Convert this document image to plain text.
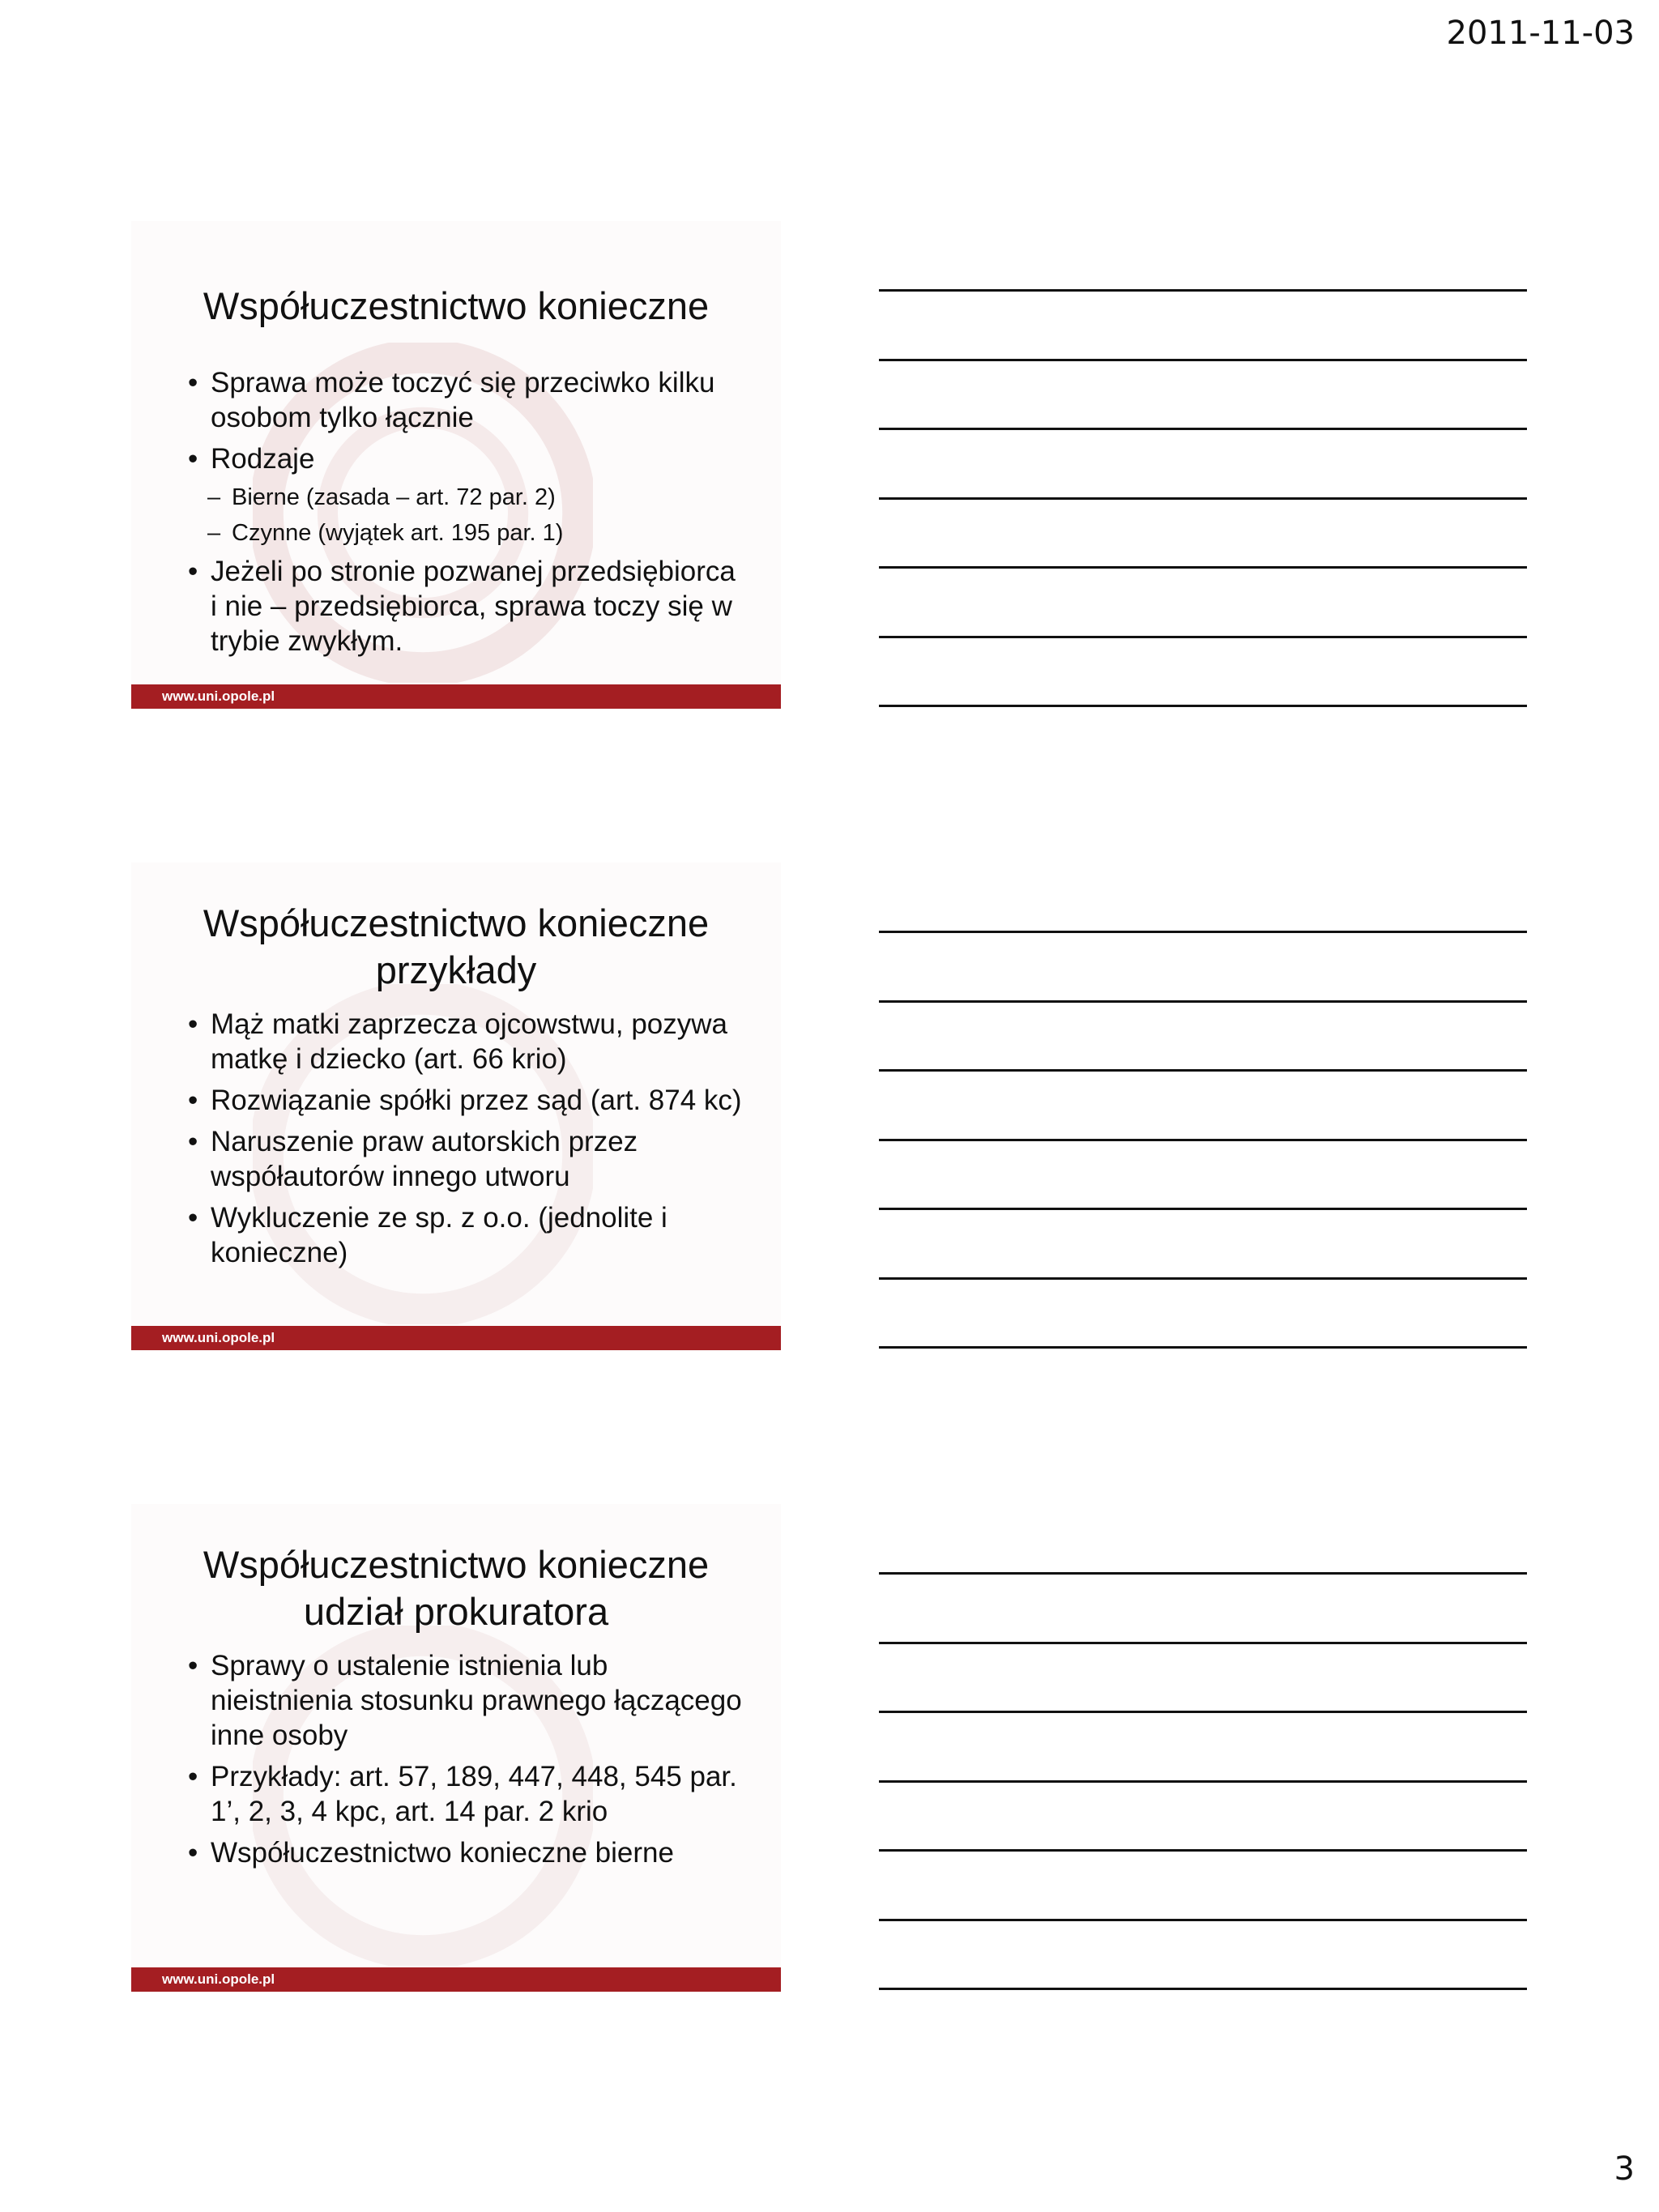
2011-11-03
Współuczestnictwo konieczne
• Sprawa może toczyć się przeciwko kilku osobom tylko łącznie
• Rodzaje
– Bierne (zasada – art. 72 par. 2)
– Czynne (wyjątek art. 195 par. 1)
• Jeżeli po stronie pozwanej przedsiębiorca i nie – przedsiębiorca, sprawa toczy się w trybie zwykłym.
www.uni.opole.pl
Współuczestnictwo konieczne
przykłady
• Mąż matki zaprzecza ojcowstwu, pozywa matkę i dziecko (art. 66 krio)
• Rozwiązanie spółki przez sąd (art. 874 kc)
• Naruszenie praw autorskich przez współautorów innego utworu
• Wykluczenie ze sp. z o.o. (jednolite i konieczne)
www.uni.opole.pl
Współuczestnictwo konieczne
udział prokuratora
• Sprawy o ustalenie istnienia lub nieistnienia stosunku prawnego łączącego inne osoby
• Przykłady: art. 57, 189, 447, 448, 545 par. 1’, 2, 3, 4 kpc, art. 14 par. 2 krio
• Współuczestnictwo konieczne bierne
www.uni.opole.pl
3
